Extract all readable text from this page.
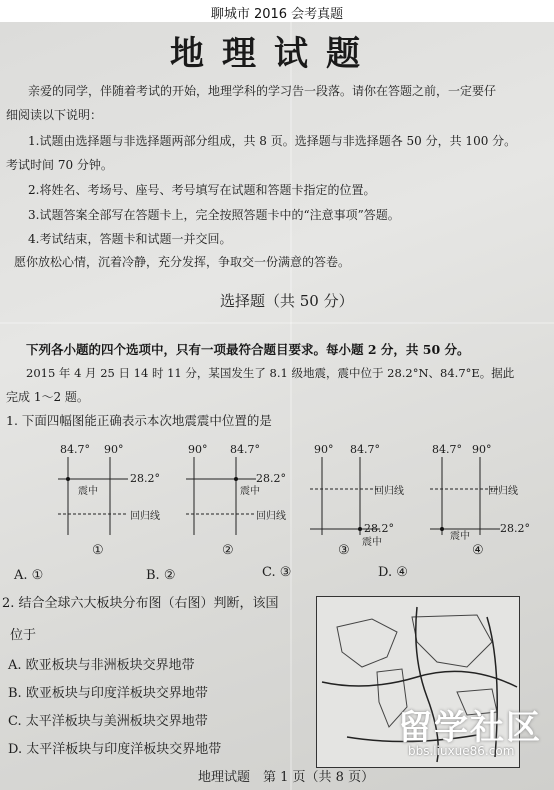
聊城市 2016 会考真题
地理试题
亲爱的同学，伴随着考试的开始，地理学科的学习告一段落。请你在答题之前，一定要仔
细阅读以下说明：
1.试题由选择题与非选择题两部分组成，共 8 页。选择题与非选择题各 50 分，共 100 分。
考试时间 70 分钟。
2.将姓名、考场号、座号、考号填写在试题和答题卡指定的位置。
3.试题答案全部写在答题卡上，完全按照答题卡中的“注意事项”答题。
4.考试结束，答题卡和试题一并交回。
愿你放松心情，沉着冷静，充分发挥，争取交一份满意的答卷。
选择题（共 50 分）
下列各小题的四个选项中，只有一项最符合题目要求。每小题 2 分，共 50 分。
2015 年 4 月 25 日 14 时 11 分，某国发生了 8.1 级地震，震中位于 28.2°N、84.7°E。据此
完成 1～2 题。
1. 下面四幅图能正确表示本次地震震中位置的是
84.7° 90°
28.2°
震中
回归线
①
90° 84.7°
28.2°
震中
回归线
②
90° 84.7°
回归线
28.2°
震中
③
84.7° 90°
回归线
28.2°
震中
④
A. ①	B. ②	C. ③	D. ④
2. 结合全球六大板块分布图（右图）判断，该国
位于
A. 欧亚板块与非洲板块交界地带
B. 欧亚板块与印度洋板块交界地带
C. 太平洋板块与美洲板块交界地带
D. 太平洋板块与印度洋板块交界地带
地理试题　第 1 页（共 8 页）
留学社区
bbs.liuxue86.com
